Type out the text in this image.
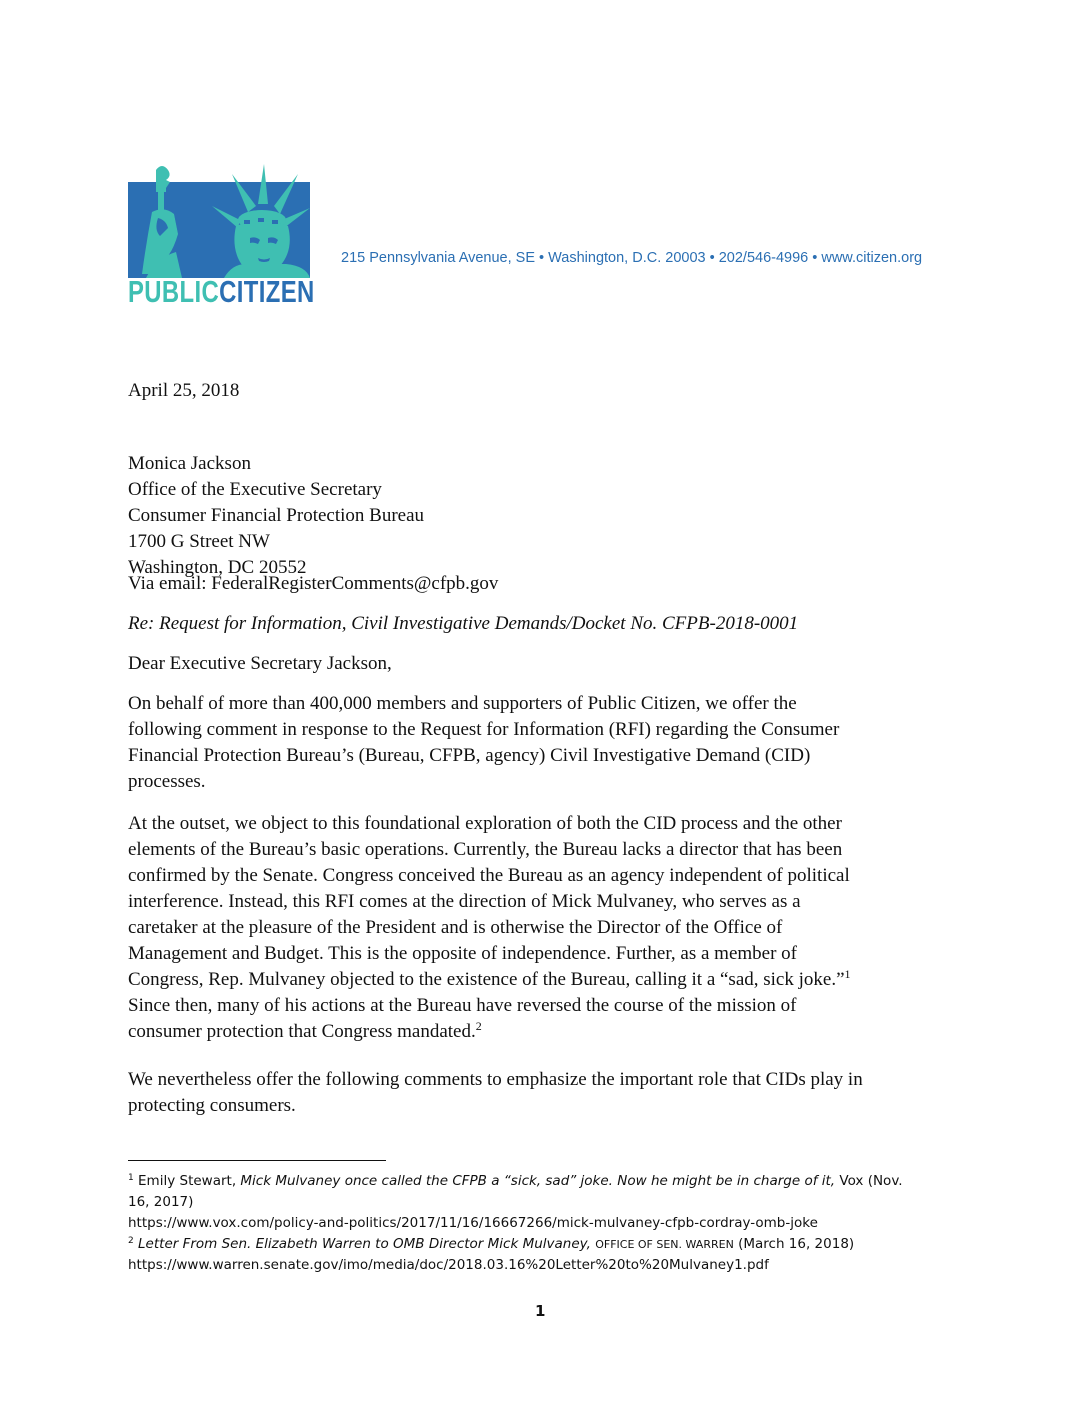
PUBLICCITIZEN
215 Pennsylvania Avenue, SE • Washington, D.C. 20003 • 202/546-4996 • www.citizen.org
April 25, 2018
Monica Jackson
Office of the Executive Secretary
Consumer Financial Protection Bureau
1700 G Street NW
Washington, DC 20552
Via email: FederalRegisterComments@cfpb.gov
Re: Request for Information, Civil Investigative Demands/Docket No. CFPB-2018-0001
Dear Executive Secretary Jackson,
On behalf of more than 400,000 members and supporters of Public Citizen, we offer the
following comment in response to the Request for Information (RFI) regarding the Consumer
Financial Protection Bureau’s (Bureau, CFPB, agency) Civil Investigative Demand (CID)
processes.
At the outset, we object to this foundational exploration of both the CID process and the other
elements of the Bureau’s basic operations. Currently, the Bureau lacks a director that has been
confirmed by the Senate. Congress conceived the Bureau as an agency independent of political
interference. Instead, this RFI comes at the direction of Mick Mulvaney, who serves as a
caretaker at the pleasure of the President and is otherwise the Director of the Office of
Management and Budget. This is the opposite of independence. Further, as a member of
Congress, Rep. Mulvaney objected to the existence of the Bureau, calling it a “sad, sick joke.”$^1$
Since then, many of his actions at the Bureau have reversed the course of the mission of
consumer protection that Congress mandated.$^2$
We nevertheless offer the following comments to emphasize the important role that CIDs play in
protecting consumers.
$^1$ Emily Stewart, Mick Mulvaney once called the CFPB a “sick, sad” joke. Now he might be in charge of it, Vox (Nov.
16, 2017)
https://www.vox.com/policy-and-politics/2017/11/16/16667266/mick-mulvaney-cfpb-cordray-omb-joke
$^2$ Letter From Sen. Elizabeth Warren to OMB Director Mick Mulvaney, OFFICE OF SEN. WARREN (March 16, 2018)
https://www.warren.senate.gov/imo/media/doc/2018.03.16%20Letter%20to%20Mulvaney1.pdf
1
